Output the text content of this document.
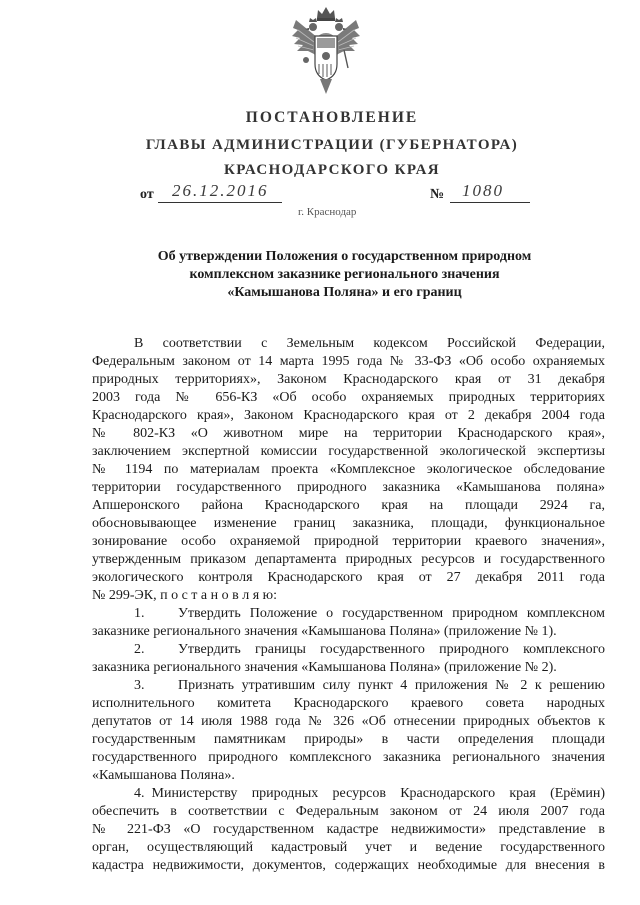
ПОСТАНОВЛЕНИЕ
ГЛАВЫ АДМИНИСТРАЦИИ (ГУБЕРНАТОРА)
КРАСНОДАРСКОГО КРАЯ
от 26.12.2016	№ 1080
г. Краснодар
Об утверждении Положения о государственном природном
комплексном заказнике регионального значения
«Камышанова Поляна» и его границ
В соответствии с Земельным кодексом Российской Федерации,
Федеральным законом от 14 марта 1995 года № 33-ФЗ «Об особо охраняемых
природных территориях», Законом Краснодарского края от 31 декабря
2003 года № 656-КЗ «Об особо охраняемых природных территориях
Краснодарского края», Законом Краснодарского края от 2 декабря 2004 года
№ 802-КЗ «О животном мире на территории Краснодарского края»,
заключением экспертной комиссии государственной экологической экспертизы
№ 1194 по материалам проекта «Комплексное экологическое обследование
территории государственного природного заказника «Камышанова поляна»
Апшеронского района Краснодарского края на площади 2924 га,
обосновывающее изменение границ заказника, площади, функциональное
зонирование особо охраняемой природной территории краевого значения»,
утвержденным приказом департамента природных ресурсов и государственного
экологического контроля Краснодарского края от 27 декабря 2011 года
№ 299-ЭК, п о с т а н о в л я ю:
1.	Утвердить Положение о государственном природном комплексном
заказнике регионального значения «Камышанова Поляна» (приложение № 1).
2.	Утвердить границы государственного природного комплексного
заказника регионального значения «Камышанова Поляна» (приложение № 2).
3.	Признать утратившим силу пункт 4 приложения № 2 к решению
исполнительного комитета Краснодарского краевого совета народных
депутатов от 14 июля 1988 года № 326 «Об отнесении природных объектов к
государственным памятникам природы» в части определения площади
государственного природного комплексного заказника регионального значения
«Камышанова Поляна».
4. Министерству природных ресурсов Краснодарского края (Ерёмин)
обеспечить в соответствии с Федеральным законом от 24 июля 2007 года
№ 221-ФЗ «О государственном кадастре недвижимости» представление в
орган, осуществляющий кадастровый учет и ведение государственного
кадастра недвижимости, документов, содержащих необходимые для внесения в
